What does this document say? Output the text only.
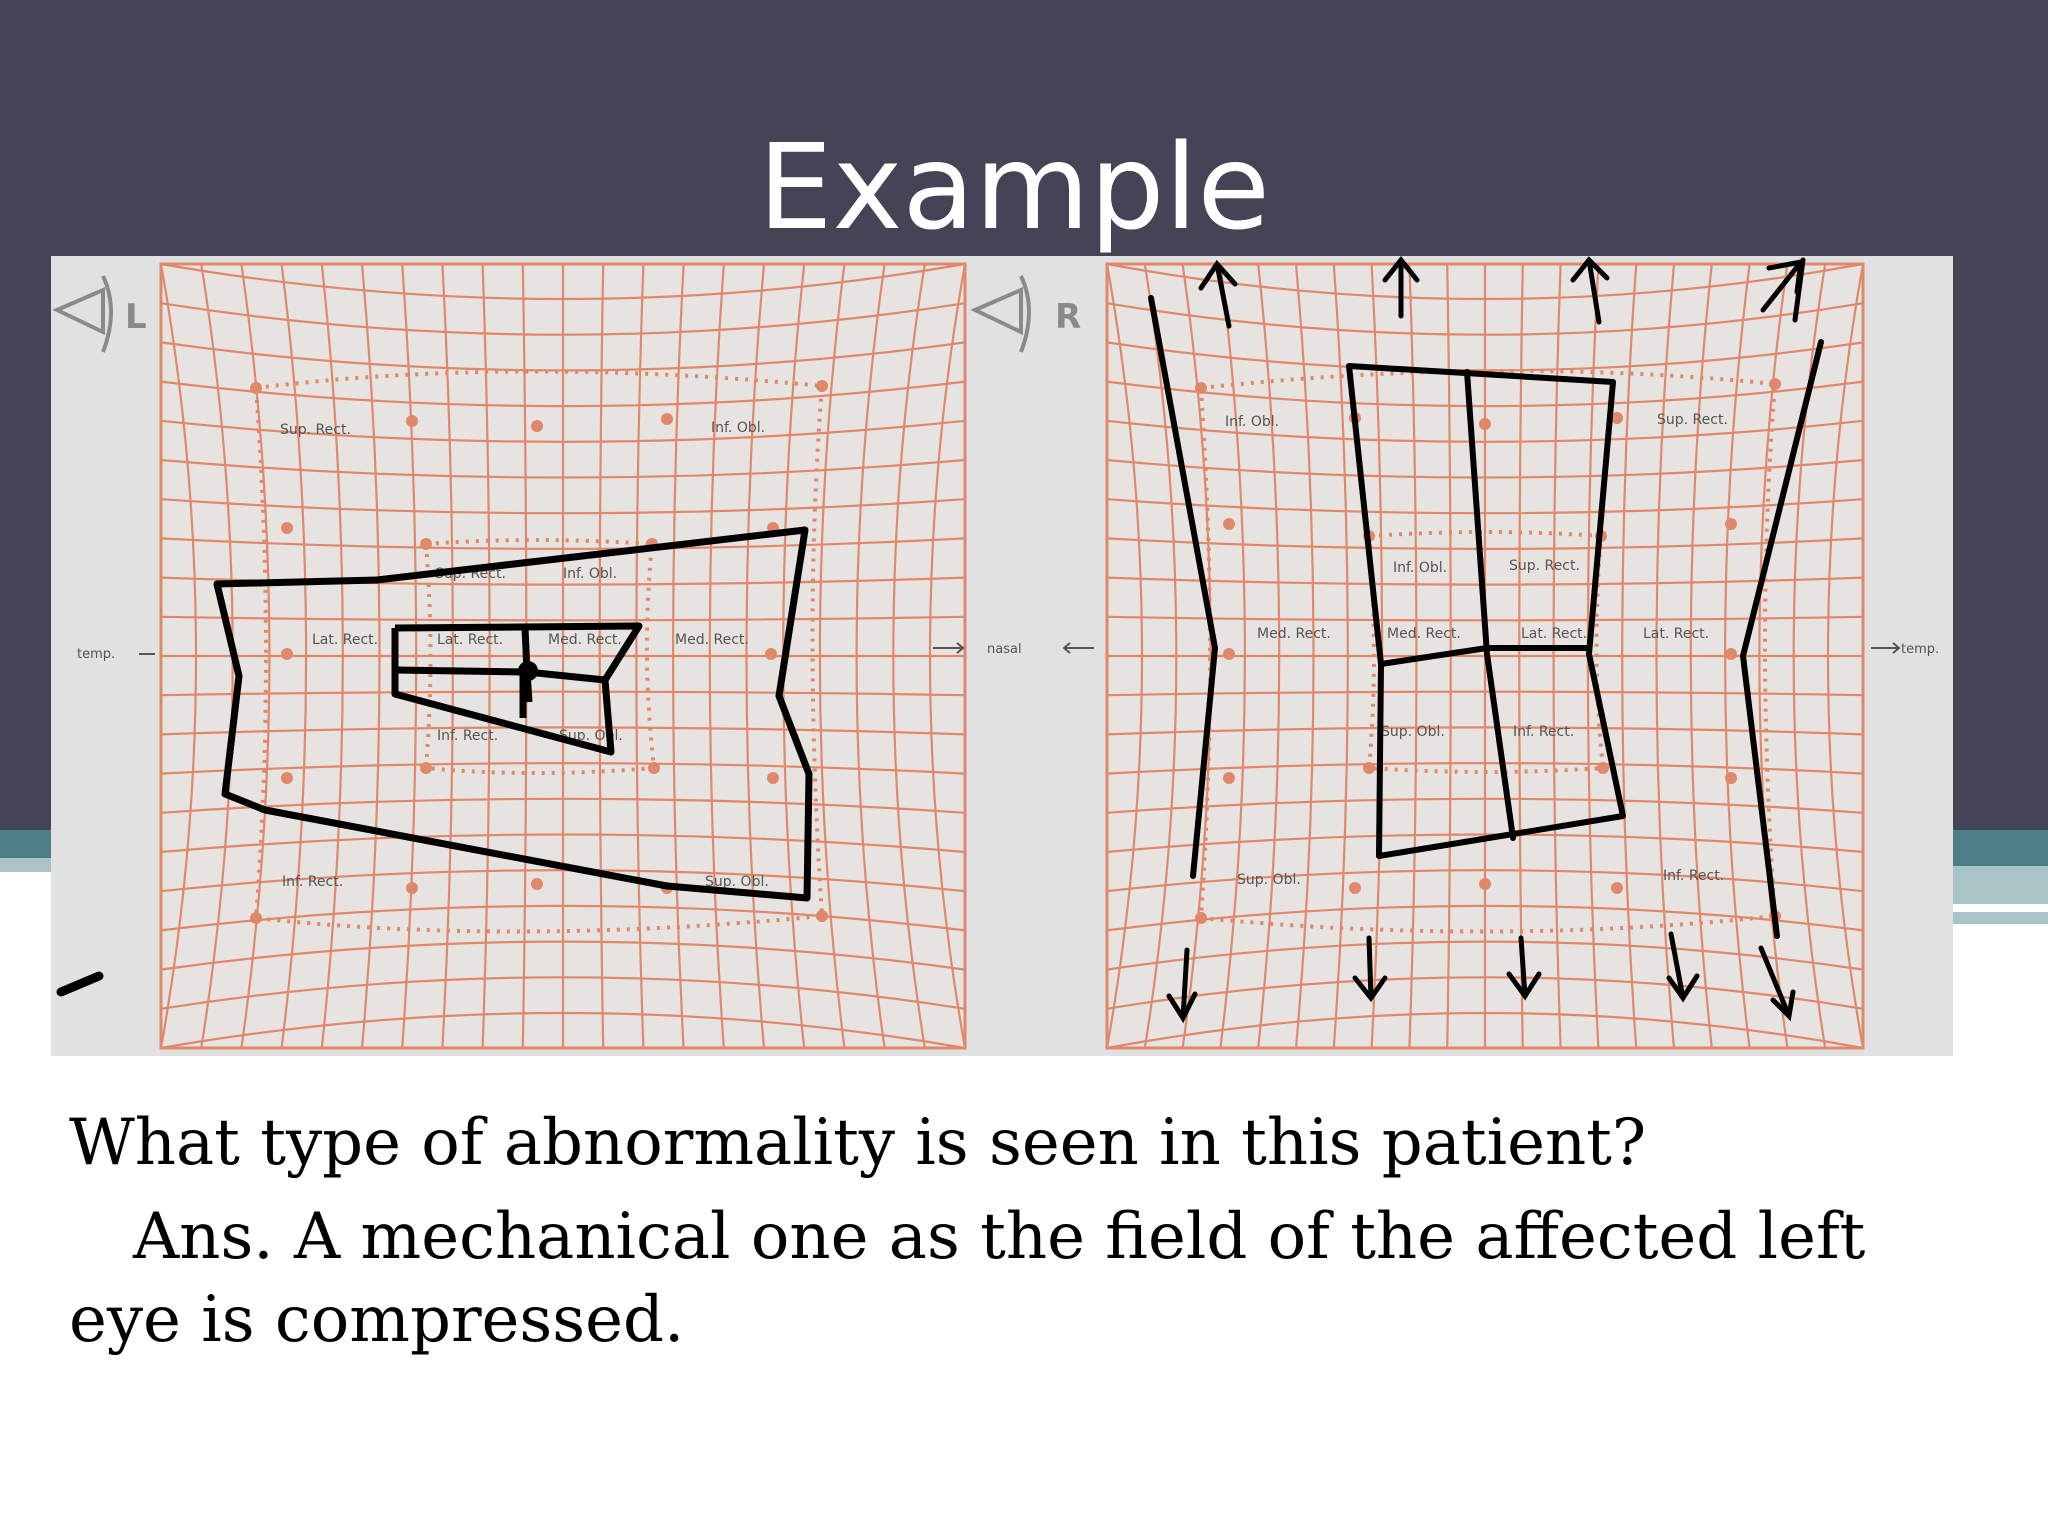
Example
L
temp.
Sup. Rect.	Inf. Obl.
Inf. Rect.	Sup. Obl.
Sup. Rect.	Inf. Obl.
Lat. Rect.	Lat. Rect.	Med. Rect.	Med. Rect.
Inf. Rect.	Sup. Obl.
nasal
R
temp.
Inf. Obl.	Sup. Rect.
Sup. Obl.	Inf. Rect.
Inf. Obl.	Sup. Rect.
Med. Rect.	Med. Rect.	Lat. Rect.	Lat. Rect.
Sup. Obl.	Inf. Rect.

What type of abnormality is seen in this patient?

Ans. A mechanical one as the field of the affected left eye is compressed.
